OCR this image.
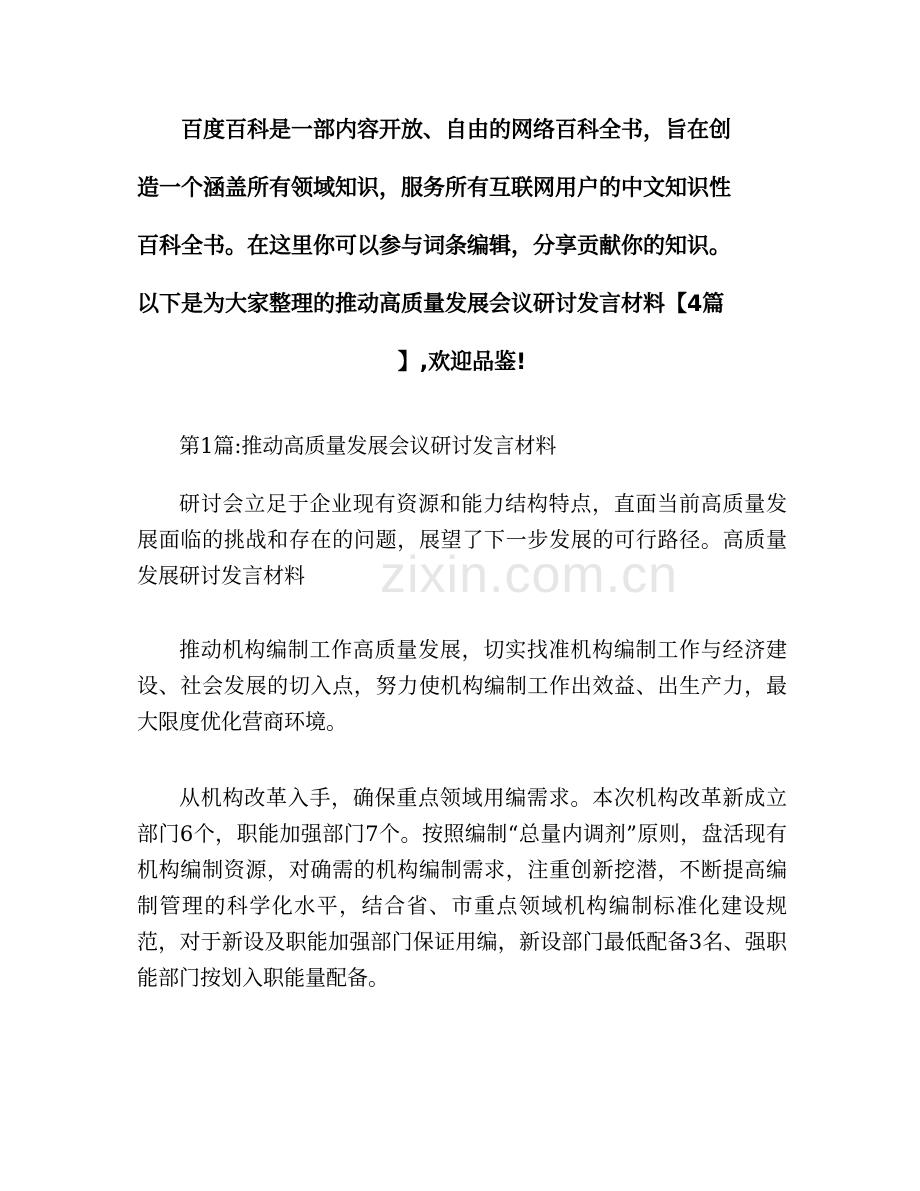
百度百科是一部内容开放、自由的网络百科全书，旨在创

造一个涵盖所有领域知识，服务所有互联网用户的中文知识性

百科全书。在这里你可以参与词条编辑，分享贡献你的知识。

以下是为大家整理的推动高质量发展会议研讨发言材料【4篇

】,欢迎品鉴!

第1篇:推动高质量发展会议研讨发言材料

研讨会立足于企业现有资源和能力结构特点，直面当前高质量发展面临的挑战和存在的问题，展望了下一步发展的可行路径。高质量发展研讨发言材料

推动机构编制工作高质量发展，切实找准机构编制工作与经济建设、社会发展的切入点，努力使机构编制工作出效益、出生产力，最大限度优化营商环境。

从机构改革入手，确保重点领域用编需求。本次机构改革新成立部门6个，职能加强部门7个。按照编制“总量内调剂”原则，盘活现有机构编制资源，对确需的机构编制需求，注重创新挖潜，不断提高编制管理的科学化水平，结合省、市重点领域机构编制标准化建设规范，对于新设及职能加强部门保证用编，新设部门最低配备3名、强职能部门按划入职能量配备。

zixin.com.cn
